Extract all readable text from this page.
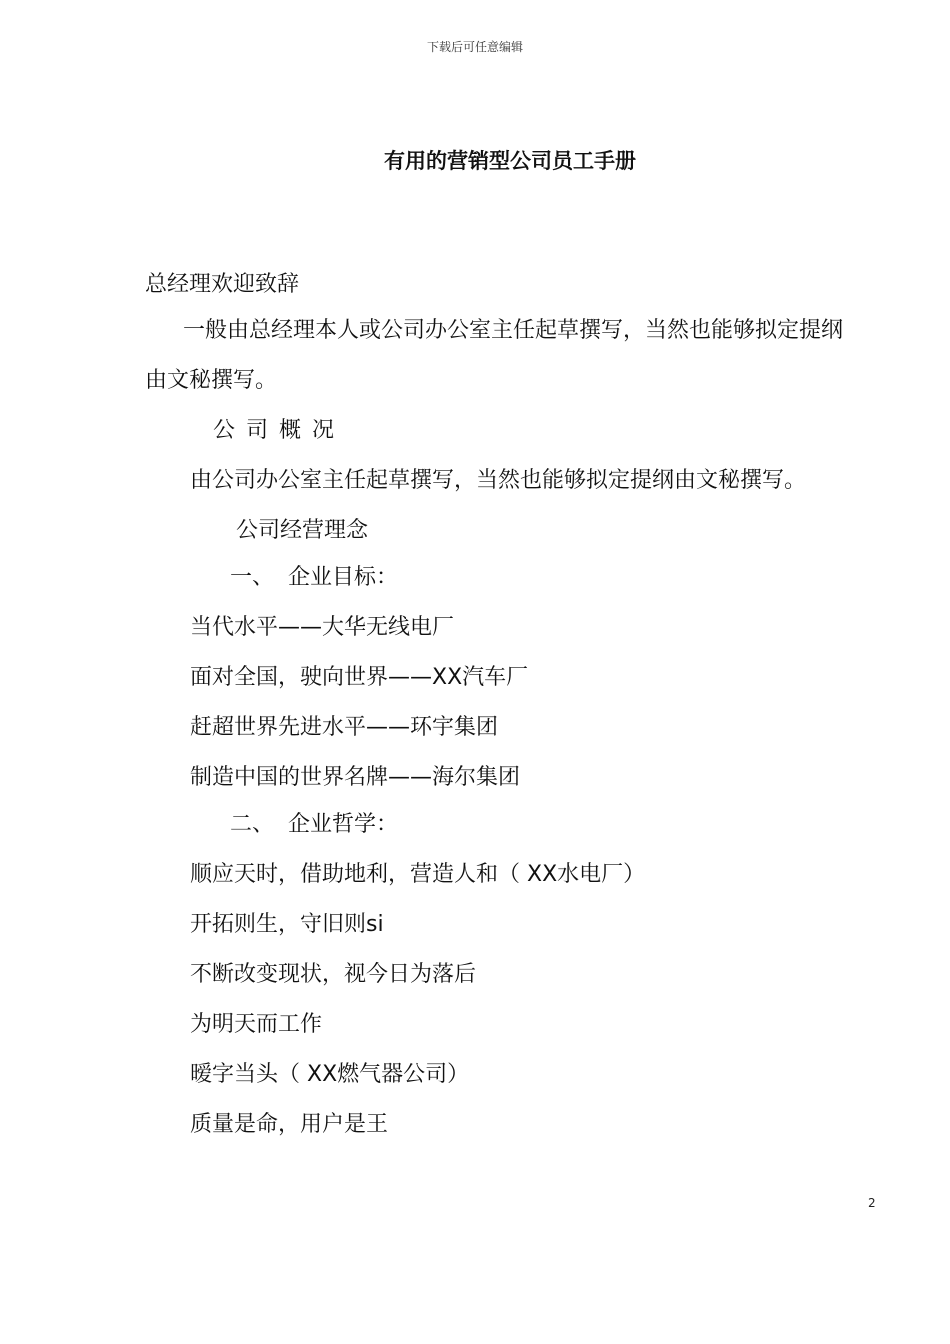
下载后可任意编辑
有用的营销型公司员工手册
总经理欢迎致辞
一般由总经理本人或公司办公室主任起草撰写，当然也能够拟定提纲
由文秘撰写。
公 司 概 况
由公司办公室主任起草撰写，当然也能够拟定提纲由文秘撰写。
公司经营理念
一、  企业目标：
当代水平——大华无线电厂
面对全国，驶向世界——XX汽车厂
赶超世界先进水平——环宇集团
制造中国的世界名牌——海尔集团
二、  企业哲学：
顺应天时，借助地利，营造人和（ XX水电厂）
开拓则生，守旧则si
不断改变现状，视今日为落后
为明天而工作
暧字当头（ XX燃气器公司）
质量是命，用户是王
2
